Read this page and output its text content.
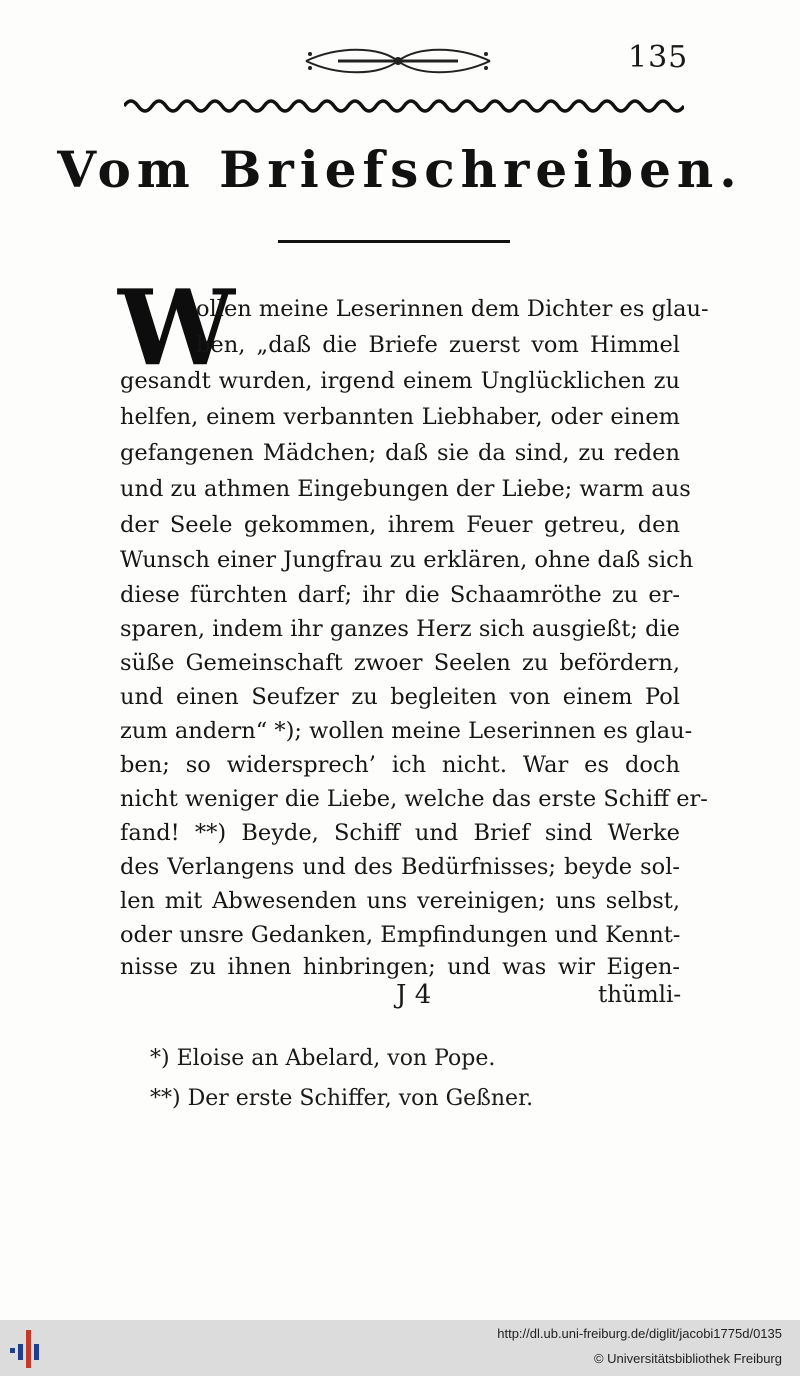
135
Vom Briefschreiben.
W
ollen meine Leserinnen dem Dichter es glau-
ben, „daß die Briefe zuerst vom Himmel
gesandt wurden, irgend einem Unglücklichen zu
helfen, einem verbannten Liebhaber, oder einem
gefangenen Mädchen; daß sie da sind, zu reden
und zu athmen Eingebungen der Liebe; warm aus
der Seele gekommen, ihrem Feuer getreu, den
Wunsch einer Jungfrau zu erklären, ohne daß sich
diese fürchten darf; ihr die Schaamröthe zu er-
sparen, indem ihr ganzes Herz sich ausgießt; die
süße Gemeinschaft zwoer Seelen zu befördern,
und einen Seufzer zu begleiten von einem Pol
zum andern“ *); wollen meine Leserinnen es glau-
ben; so widersprech’ ich nicht. War es doch
nicht weniger die Liebe, welche das erste Schiff er-
fand! **) Beyde, Schiff und Brief sind Werke
des Verlangens und des Bedürfnisses; beyde sol-
len mit Abwesenden uns vereinigen; uns selbst,
oder unsre Gedanken, Empfindungen und Kennt-
nisse zu ihnen hinbringen; und was wir Eigen-
J 4	thümli-
*) Eloise an Abelard, von Pope.
**) Der erste Schiffer, von Geßner.
http://dl.ub.uni-freiburg.de/diglit/jacobi1775d/0135
© Universitätsbibliothek Freiburg
